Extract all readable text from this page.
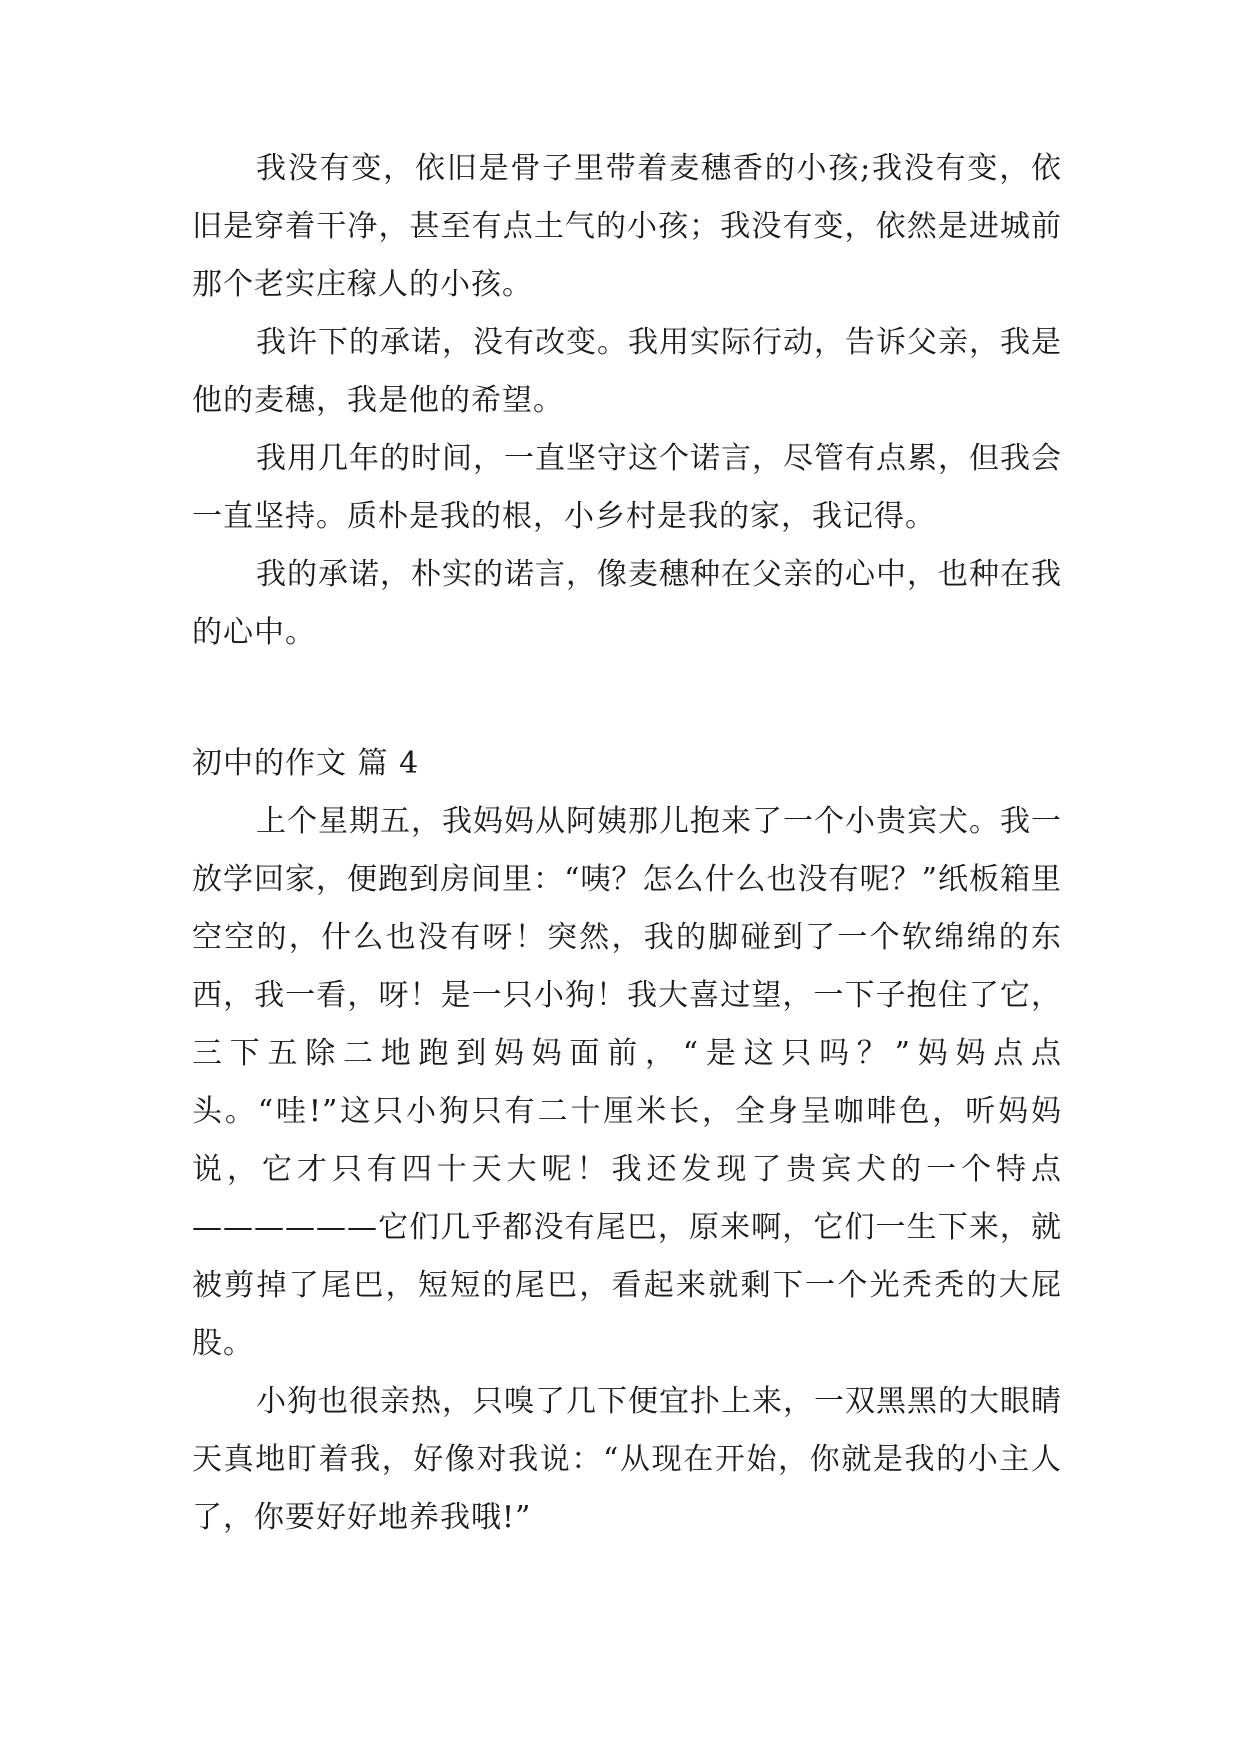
我没有变，依旧是骨子里带着麦穗香的小孩;我没有变，依旧是穿着干净，甚至有点土气的小孩；我没有变，依然是进城前那个老实庄稼人的小孩。

我许下的承诺，没有改变。我用实际行动，告诉父亲，我是他的麦穗，我是他的希望。

我用几年的时间，一直坚守这个诺言，尽管有点累，但我会一直坚持。质朴是我的根，小乡村是我的家，我记得。

我的承诺，朴实的诺言，像麦穗种在父亲的心中，也种在我的心中。

初中的作文 篇 4

上个星期五，我妈妈从阿姨那儿抱来了一个小贵宾犬。我一放学回家，便跑到房间里：“咦？怎么什么也没有呢？”纸板箱里空空的，什么也没有呀！突然，我的脚碰到了一个软绵绵的东西，我一看，呀！是一只小狗！我大喜过望，一下子抱住了它，三下五除二地跑到妈妈面前，“是这只吗？”妈妈点点头。“哇!”这只小狗只有二十厘米长，全身呈咖啡色，听妈妈说，它才只有四十天大呢！我还发现了贵宾犬的一个特点——————它们几乎都没有尾巴，原来啊，它们一生下来，就被剪掉了尾巴，短短的尾巴，看起来就剩下一个光秃秃的大屁股。

小狗也很亲热，只嗅了几下便宜扑上来，一双黑黑的大眼睛天真地盯着我，好像对我说：“从现在开始，你就是我的小主人了，你要好好地养我哦!”
